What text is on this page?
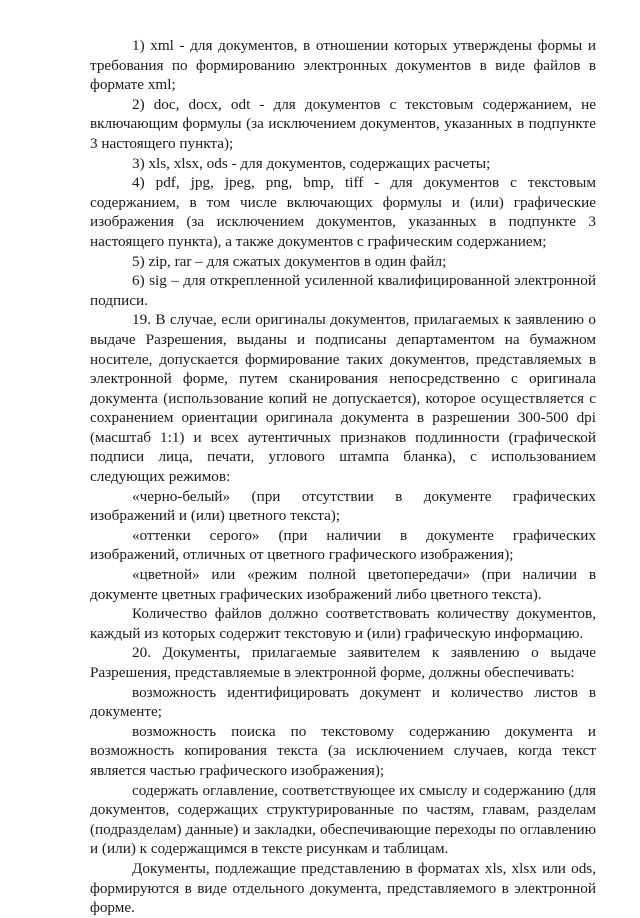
1) xml - для документов, в отношении которых утверждены формы и требования по формированию электронных документов в виде файлов в формате xml;

2) doc, docx, odt - для документов с текстовым содержанием, не включающим формулы (за исключением документов, указанных в подпункте 3 настоящего пункта);

3) xls, xlsx, ods - для документов, содержащих расчеты;

4) pdf, jpg, jpeg, png, bmp, tiff - для документов с текстовым содержанием, в том числе включающих формулы и (или) графические изображения (за исключением документов, указанных в подпункте 3 настоящего пункта), а также документов с графическим содержанием;

5) zip, rar – для сжатых документов в один файл;

6) sig – для открепленной усиленной квалифицированной электронной подписи.

19. В случае, если оригиналы документов, прилагаемых к заявлению о выдаче Разрешения, выданы и подписаны департаментом на бумажном носителе, допускается формирование таких документов, представляемых в электронной форме, путем сканирования непосредственно с оригинала документа (использование копий не допускается), которое осуществляется с сохранением ориентации оригинала документа в разрешении 300-500 dpi (масштаб 1:1) и всех аутентичных признаков подлинности (графической подписи лица, печати, углового штампа бланка), с использованием следующих режимов:

«черно-белый» (при отсутствии в документе графических изображений и (или) цветного текста);

«оттенки серого» (при наличии в документе графических изображений, отличных от цветного графического изображения);

«цветной» или «режим полной цветопередачи» (при наличии в документе цветных графических изображений либо цветного текста).

Количество файлов должно соответствовать количеству документов, каждый из которых содержит текстовую и (или) графическую информацию.

20. Документы, прилагаемые заявителем к заявлению о выдаче Разрешения, представляемые в электронной форме, должны обеспечивать:

возможность идентифицировать документ и количество листов в документе;

возможность поиска по текстовому содержанию документа и возможность копирования текста (за исключением случаев, когда текст является частью графического изображения);

содержать оглавление, соответствующее их смыслу и содержанию (для документов, содержащих структурированные по частям, главам, разделам (подразделам) данные) и закладки, обеспечивающие переходы по оглавлению и (или) к содержащимся в тексте рисункам и таблицам.

Документы, подлежащие представлению в форматах xls, xlsx или ods, формируются в виде отдельного документа, представляемого в электронной форме.
